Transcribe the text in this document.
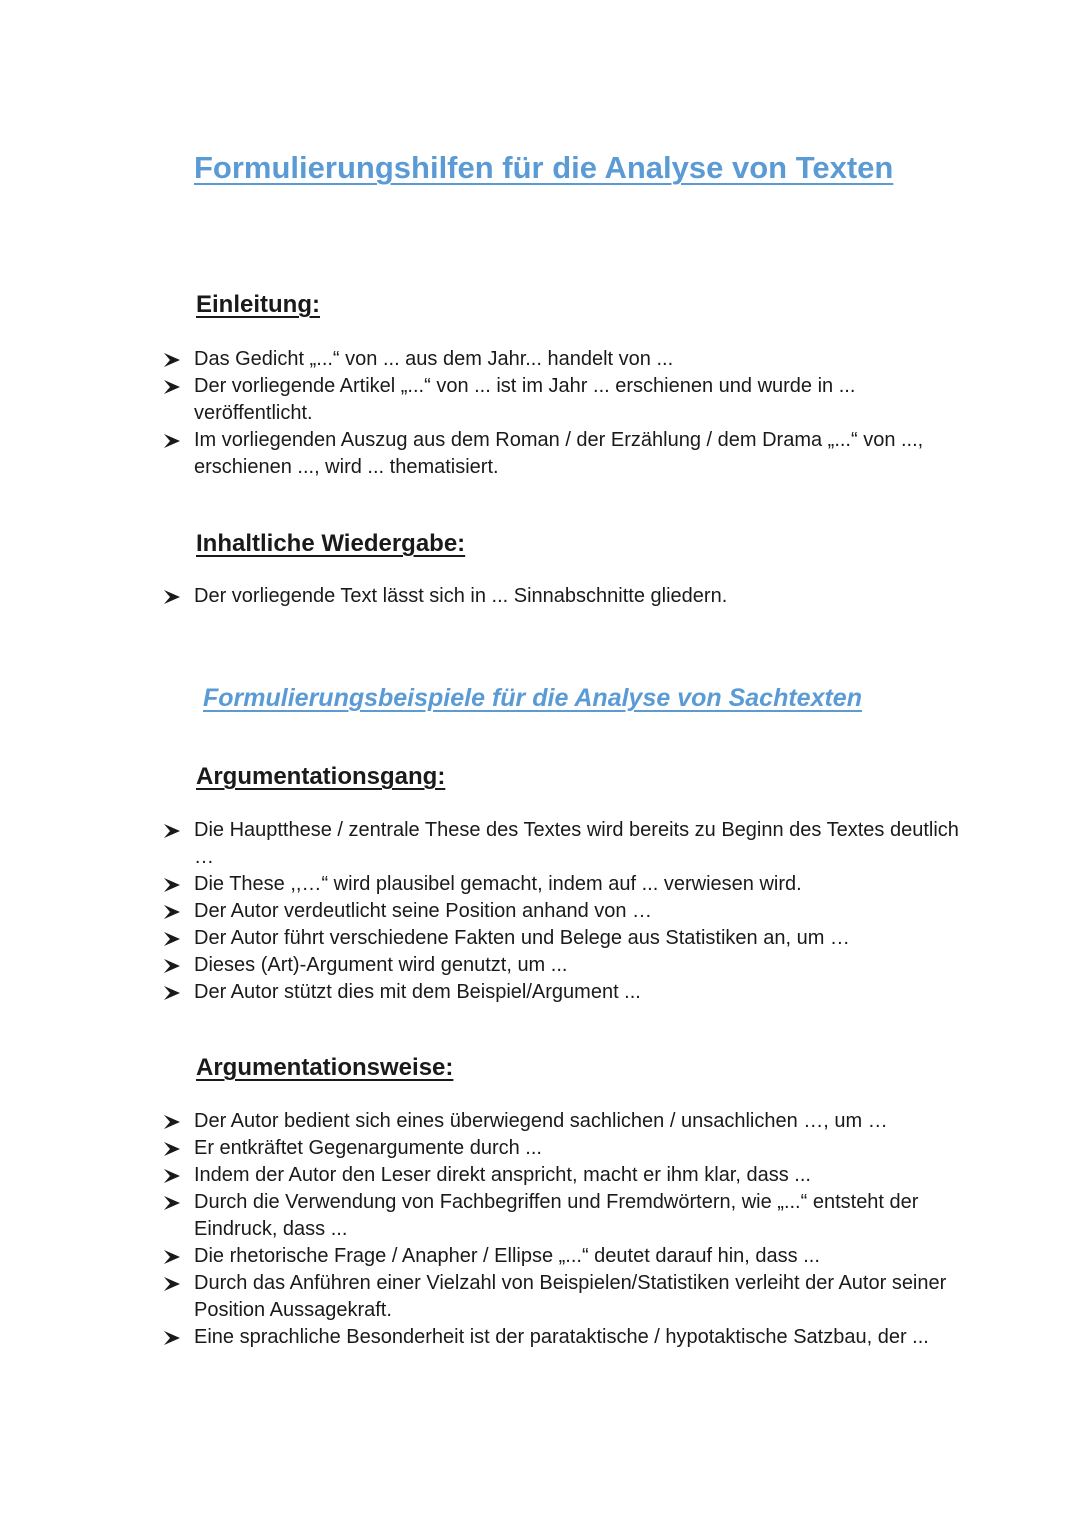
Formulierungshilfen für die Analyse von Texten
Einleitung:
Das Gedicht „...“ von ... aus dem Jahr... handelt von ...
Der vorliegende Artikel „...“ von ... ist im Jahr ... erschienen und wurde in ... veröffentlicht.
Im vorliegenden Auszug aus dem Roman / der Erzählung / dem Drama „...“ von ..., erschienen ..., wird ... thematisiert.
Inhaltliche Wiedergabe:
Der vorliegende Text lässt sich in ... Sinnabschnitte gliedern.
Formulierungsbeispiele für die Analyse von Sachtexten
Argumentationsgang:
Die Hauptthese / zentrale These des Textes wird bereits zu Beginn des Textes deutlich …
Die These ,,…“ wird plausibel gemacht, indem auf ... verwiesen wird.
Der Autor verdeutlicht seine Position anhand von …
Der Autor führt verschiedene Fakten und Belege aus Statistiken an, um …
Dieses (Art)-Argument wird genutzt, um ...
Der Autor stützt dies mit dem Beispiel/Argument ...
Argumentationsweise:
Der Autor bedient sich eines überwiegend sachlichen / unsachlichen …, um …
Er entkräftet Gegenargumente durch ...
Indem der Autor den Leser direkt anspricht, macht er ihm klar, dass ...
Durch die Verwendung von Fachbegriffen und Fremdwörtern, wie „...“ entsteht der Eindruck, dass ...
Die rhetorische Frage / Anapher / Ellipse „...“ deutet darauf hin, dass ...
Durch das Anführen einer Vielzahl von Beispielen/Statistiken verleiht der Autor seiner Position Aussagekraft.
Eine sprachliche Besonderheit ist der parataktische / hypotaktische Satzbau, der ...
